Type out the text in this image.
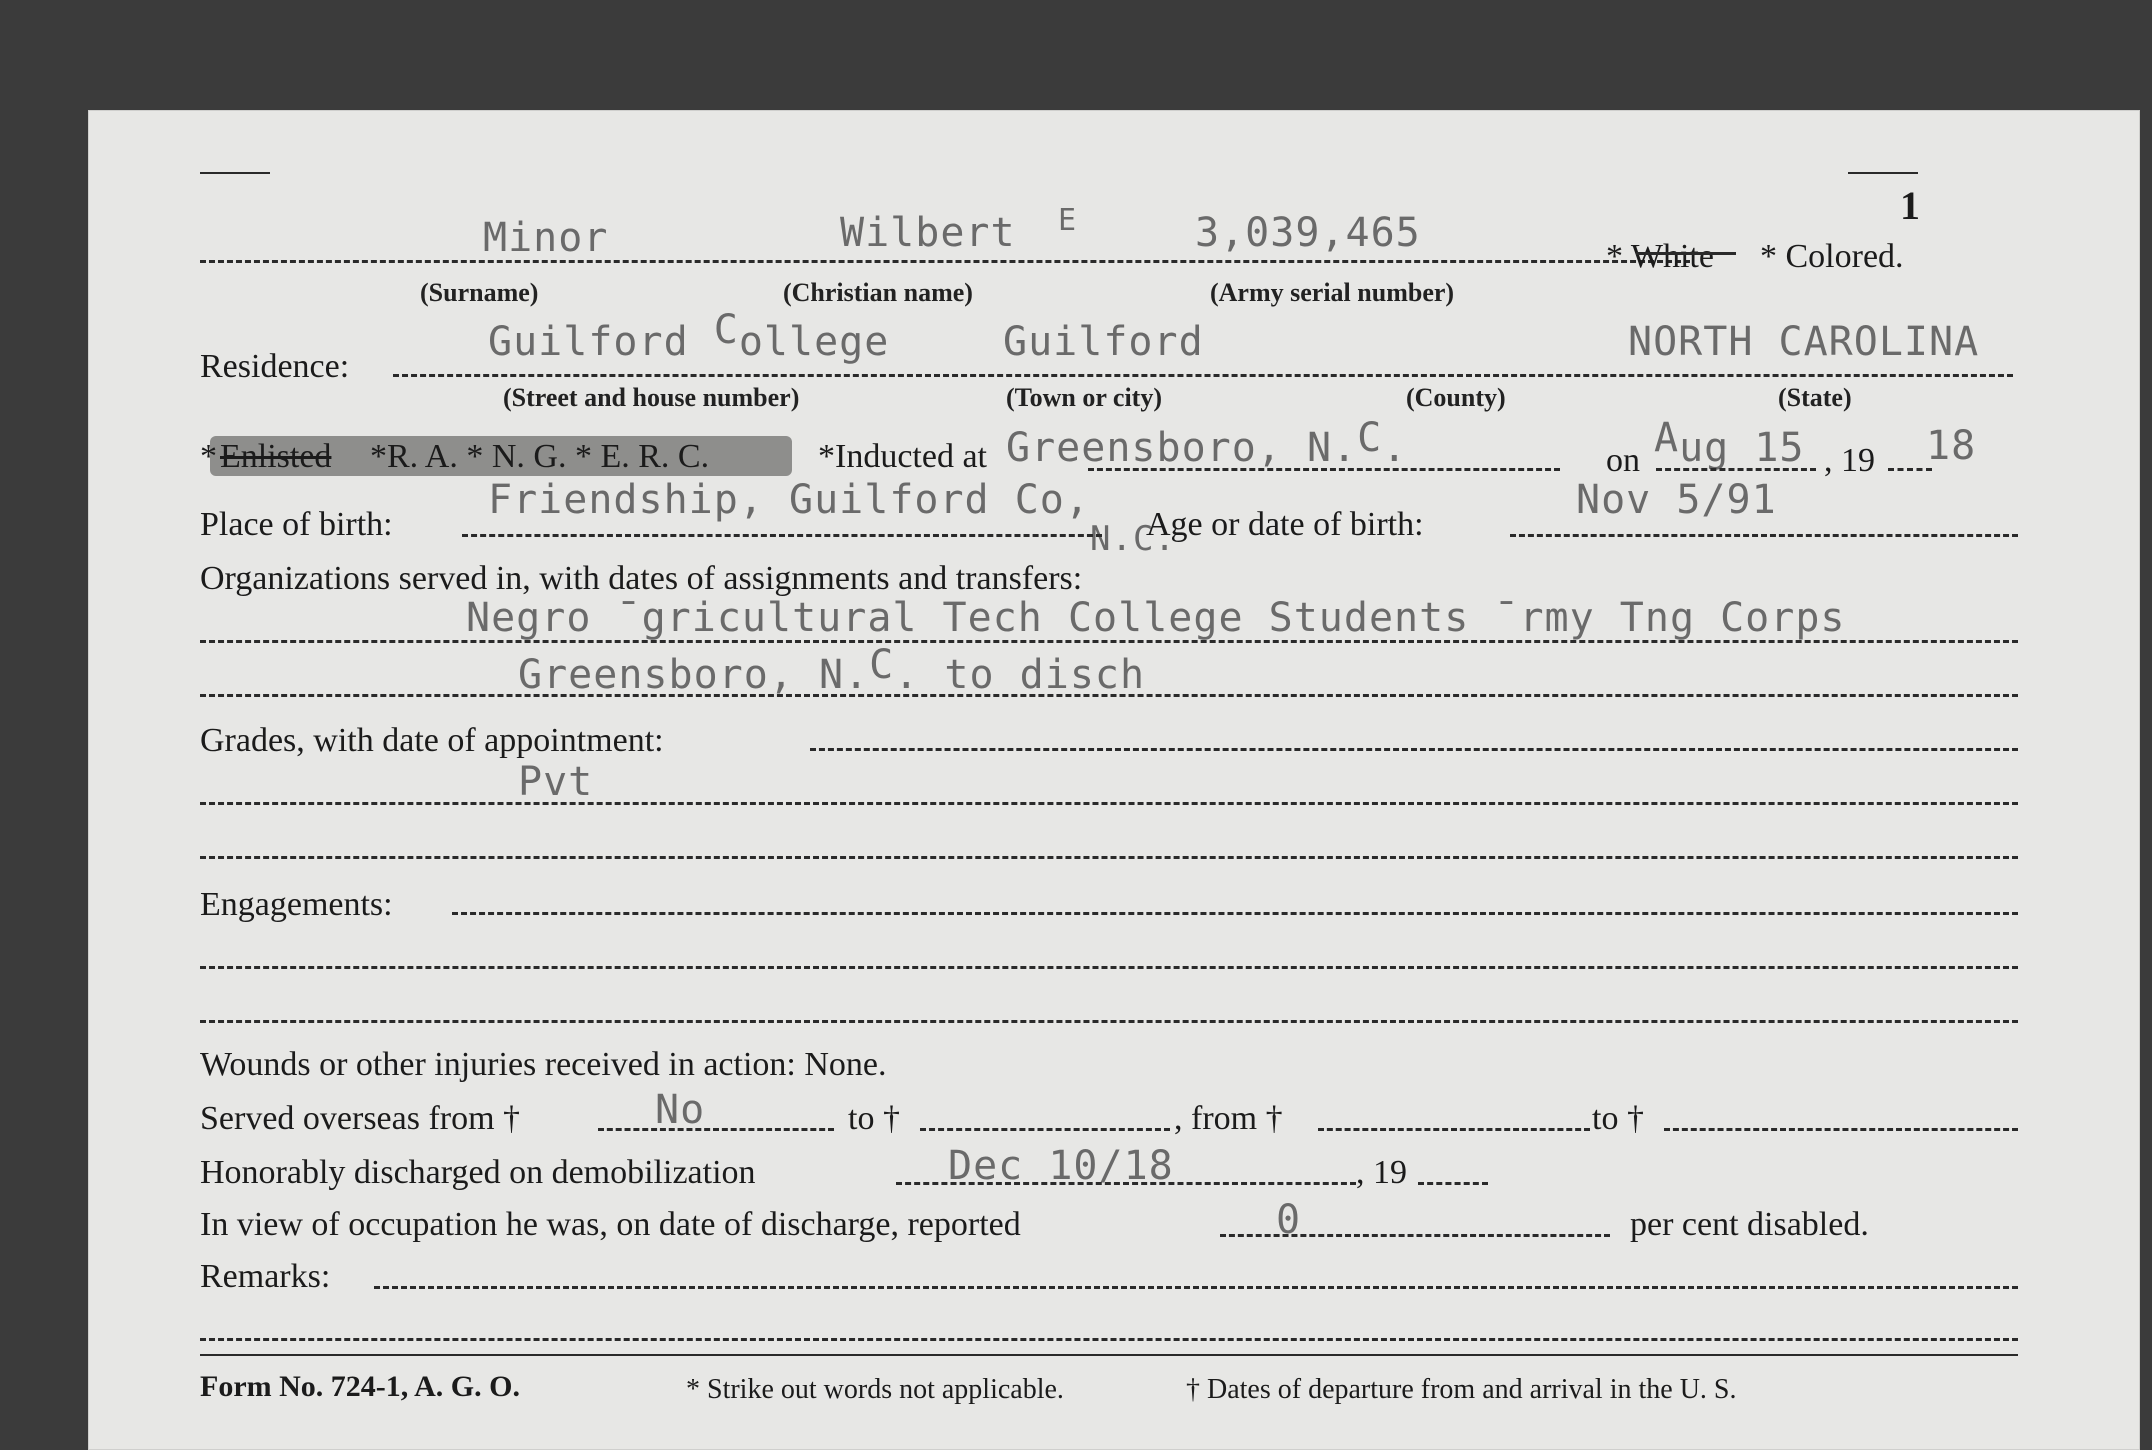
1
Minor	Wilbert E	3,039,465
* White * Colored.
(Surname)	(Christian name)	(Army serial number)
Residence:
Guilford College	Guilford	NORTH CAROLINA
(Street and house number)	(Town or city)	(County)	(State)
* Enlisted *R. A. * N. G. * E. R. C.	*Inducted at Greensboro, N.C.	on Aug 15 , 19 18
Place of birth:
Friendship, Guilford Co,
N.C.
Age or date of birth:
Nov 5/91
Organizations served in, with dates of assignments and transfers:
Negro ¯gricultural Tech College Students ¯rmy Tng Corps
Greensboro, N.C. to disch
Grades, with date of appointment:
Pvt
Engagements:
Wounds or other injuries received in action: None.
Served overseas from †	No	to †	, from †	to †
Honorably discharged on demobilization	Dec 10/18	, 19
In view of occupation he was, on date of discharge, reported	0	per cent disabled.
Remarks:
Form No. 724-1, A. G. O.	* Strike out words not applicable.	† Dates of departure from and arrival in the U. S.
